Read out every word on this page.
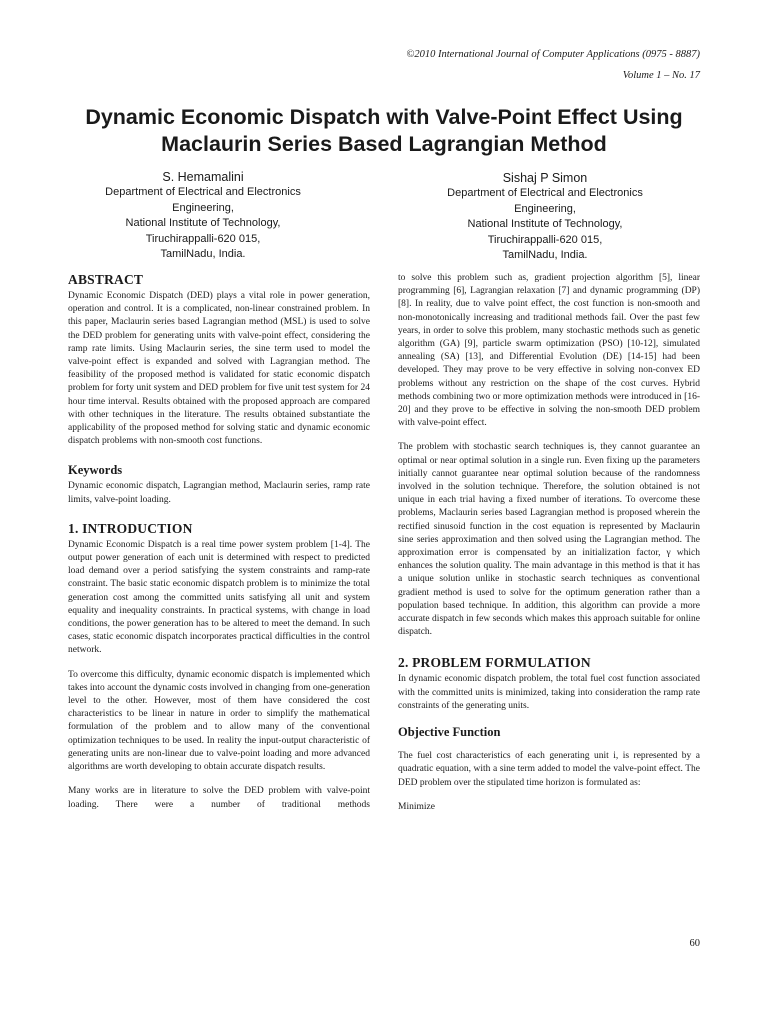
©2010 International Journal of Computer Applications (0975 - 8887)
Volume 1 – No. 17
Dynamic Economic Dispatch with Valve-Point Effect Using
Maclaurin Series Based Lagrangian Method
S. Hemamalini
Department of Electrical and Electronics
Engineering,
National Institute of Technology,
Tiruchirappalli-620 015,
TamilNadu, India.
Sishaj P Simon
Department of Electrical and Electronics
Engineering,
National Institute of Technology,
Tiruchirappalli-620 015,
TamilNadu, India.
ABSTRACT

Dynamic Economic Dispatch (DED) plays a vital role in power generation, operation and control. It is a complicated, non-linear constrained problem. In this paper, Maclaurin series based Lagrangian method (MSL) is used to solve the DED problem for generating units with valve-point effect, considering the ramp rate limits. Using Maclaurin series, the sine term used to model the valve-point effect is expanded and solved with Lagrangian method. The feasibility of the proposed method is validated for static economic dispatch problem for forty unit system and DED problem for five unit test system for 24 hour time interval. Results obtained with the proposed approach are compared with other techniques in the literature. The results obtained substantiate the applicability of the proposed method for solving static and dynamic economic dispatch problems with non-smooth cost functions.

Keywords

Dynamic economic dispatch, Lagrangian method, Maclaurin series, ramp rate limits, valve-point loading.

1. INTRODUCTION

Dynamic Economic Dispatch is a real time power system problem [1-4]. The output power generation of each unit is determined with respect to predicted load demand over a period satisfying the system constraints and ramp-rate constraint. The basic static economic dispatch problem is to minimize the total generation cost among the committed units satisfying all unit and system equality and inequality constraints. In practical systems, with change in load conditions, the power generation has to be altered to meet the demand. In such cases, static economic dispatch incorporates practical difficulties in the control network.

To overcome this difficulty, dynamic economic dispatch is implemented which takes into account the dynamic costs involved in changing from one-generation level to the other. However, most of them have considered the cost characteristics to be linear in nature in order to simplify the mathematical formulation of the problem and to allow many of the conventional optimization techniques to be used. In reality the input-output characteristic of generating units are non-linear due to valve-point loading and more advanced algorithms are worth developing to obtain accurate dispatch results.

Many works are in literature to solve the DED problem with valve-point loading. There were a number of traditional methods

to solve this problem such as, gradient projection algorithm [5], linear programming [6], Lagrangian relaxation [7] and dynamic programming (DP) [8]. In reality, due to valve point effect, the cost function is non-smooth and non-monotonically increasing and traditional methods fail. Over the past few years, in order to solve this problem, many stochastic methods such as genetic algorithm (GA) [9], particle swarm optimization (PSO) [10-12], simulated annealing (SA) [13], and Differential Evolution (DE) [14-15] had been developed. They may prove to be very effective in solving non-convex ED problems without any restriction on the shape of the cost curves. Hybrid methods combining two or more optimization methods were introduced in [16-20] and they prove to be effective in solving the non-smooth DED problem with valve-point effect.

The problem with stochastic search techniques is, they cannot guarantee an optimal or near optimal solution in a single run. Even fixing up the parameters initially cannot guarantee near optimal solution because of the randomness involved in the solution technique. Therefore, the solution obtained is not unique in each trial having a fixed number of iterations. To overcome these problems, Maclaurin series based Lagrangian method is proposed wherein the rectified sinusoid function in the cost equation is represented by Maclaurin sine series approximation and then solved using the Lagrangian method. The approximation error is compensated by an initialization factor, γ which enhances the solution quality. The main advantage in this method is that it has a unique solution unlike in stochastic search techniques as conventional gradient method is used to solve for the optimum generation rather than a population based technique. In addition, this algorithm can provide a more accurate dispatch in few seconds which makes this approach suitable for online dispatch.

2. PROBLEM FORMULATION

In dynamic economic dispatch problem, the total fuel cost function associated with the committed units is minimized, taking into consideration the ramp rate constraints of the generating units.

Objective Function

The fuel cost characteristics of each generating unit i, is represented by a quadratic equation, with a sine term added to model the valve-point effect. The DED problem over the stipulated time horizon is formulated as:

Minimize

60
